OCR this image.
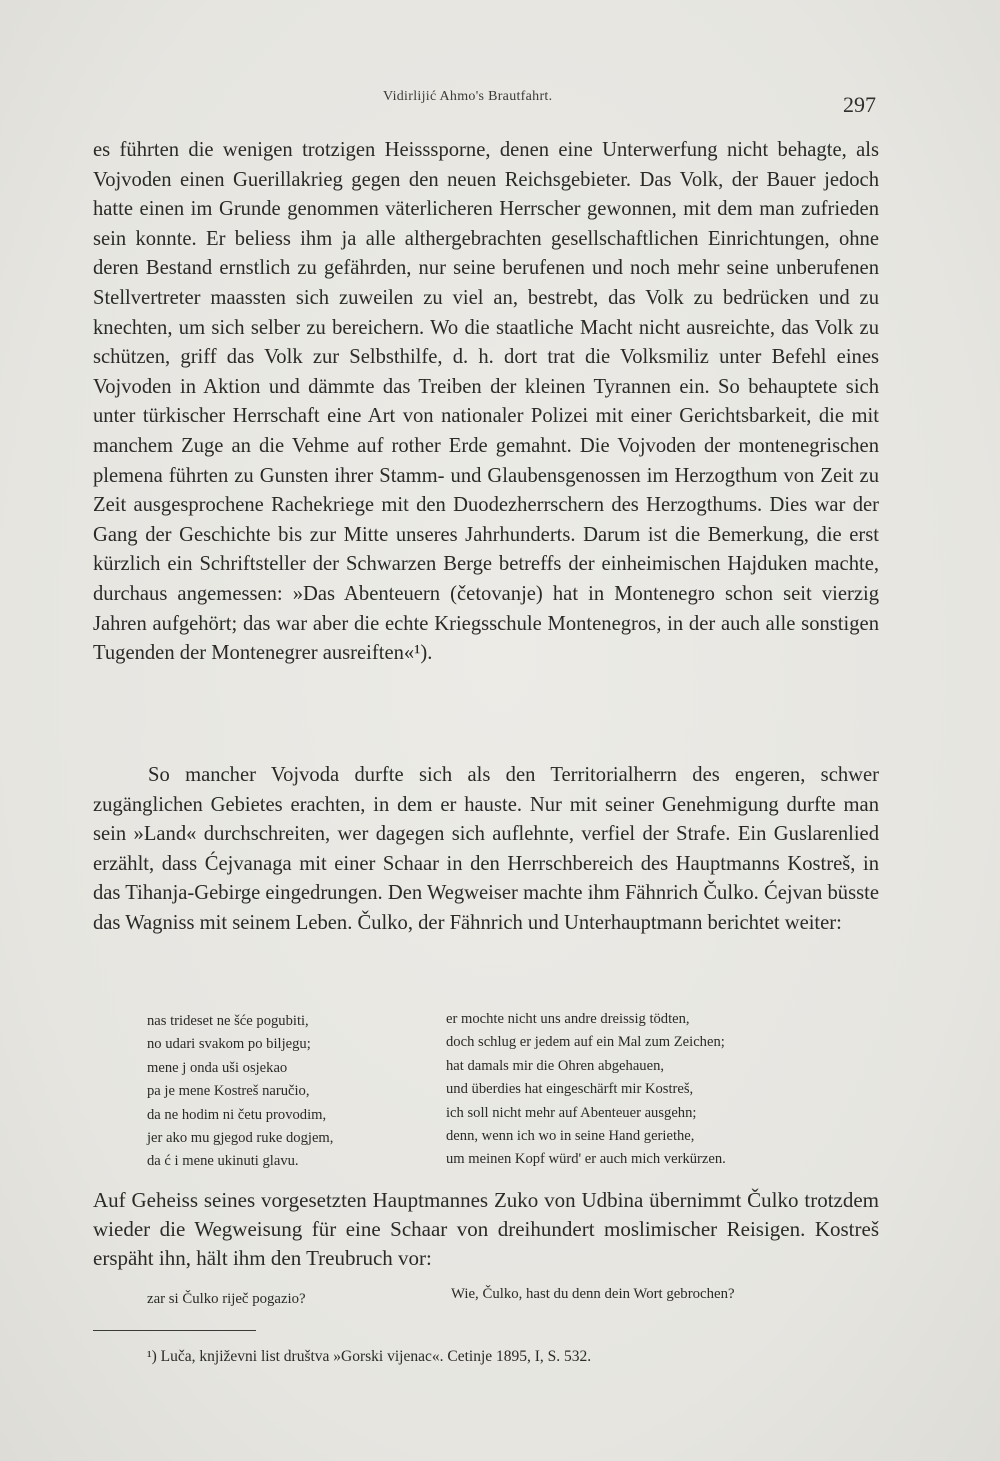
Vidirlijić Ahmo's Brautfahrt.	297

es führten die wenigen trotzigen Heisssporne, denen eine Unterwerfung nicht behagte, als Vojvoden einen Guerillakrieg gegen den neuen Reichsgebieter. Das Volk, der Bauer jedoch hatte einen im Grunde genommen väterlicheren Herrscher gewonnen, mit dem man zufrieden sein konnte. Er beliess ihm ja alle althergebrachten gesellschaftlichen Einrichtungen, ohne deren Bestand ernstlich zu gefährden, nur seine berufenen und noch mehr seine unberufenen Stellvertreter maassten sich zuweilen zu viel an, bestrebt, das Volk zu bedrücken und zu knechten, um sich selber zu bereichern. Wo die staatliche Macht nicht ausreichte, das Volk zu schützen, griff das Volk zur Selbsthilfe, d. h. dort trat die Volksmiliz unter Befehl eines Vojvoden in Aktion und dämmte das Treiben der kleinen Tyrannen ein. So behauptete sich unter türkischer Herrschaft eine Art von nationaler Polizei mit einer Gerichtsbarkeit, die mit manchem Zuge an die Vehme auf rother Erde gemahnt. Die Vojvoden der montenegrischen plemena führten zu Gunsten ihrer Stamm- und Glaubensgenossen im Herzogthum von Zeit zu Zeit ausgesprochene Rachekriege mit den Duodezherrschern des Herzogthums. Dies war der Gang der Geschichte bis zur Mitte unseres Jahrhunderts. Darum ist die Bemerkung, die erst kürzlich ein Schriftsteller der Schwarzen Berge betreffs der einheimischen Hajduken machte, durchaus angemessen: »Das Abenteuern (četovanje) hat in Montenegro schon seit vierzig Jahren aufgehört; das war aber die echte Kriegsschule Montenegros, in der auch alle sonstigen Tugenden der Montenegrer ausreiften«¹).

So mancher Vojvoda durfte sich als den Territorialherrn des engeren, schwer zugänglichen Gebietes erachten, in dem er hauste. Nur mit seiner Genehmigung durfte man sein »Land« durchschreiten, wer dagegen sich auflehnte, verfiel der Strafe. Ein Guslarenlied erzählt, dass Ćejvanaga mit einer Schaar in den Herrschbereich des Hauptmanns Kostreš, in das Tihanja-Gebirge eingedrungen. Den Wegweiser machte ihm Fähnrich Čulko. Ćejvan büsste das Wagniss mit seinem Leben. Čulko, der Fähnrich und Unterhauptmann berichtet weiter:

nas trideset ne šće pogubiti,
no udari svakom po biljegu;
mene j onda uši osjekao
pa je mene Kostreš naručio,
da ne hodim ni četu provodim,
jer ako mu gjegod ruke dogjem,
da ć i mene ukinuti glavu.
er mochte nicht uns andre dreissig tödten,
doch schlug er jedem auf ein Mal zum Zeichen;
hat damals mir die Ohren abgehauen,
und überdies hat eingeschärft mir Kostreš,
ich soll nicht mehr auf Abenteuer ausgehn;
denn, wenn ich wo in seine Hand geriethe,
um meinen Kopf würd' er auch mich verkürzen.

Auf Geheiss seines vorgesetzten Hauptmannes Zuko von Udbina übernimmt Čulko trotzdem wieder die Wegweisung für eine Schaar von dreihundert moslimischer Reisigen. Kostreš erspäht ihn, hält ihm den Treubruch vor:

zar si Čulko riječ pogazio?	Wie, Čulko, hast du denn dein Wort gebrochen?
¹) Luča, književni list društva »Gorski vijenac«. Cetinje 1895, I, S. 532.
